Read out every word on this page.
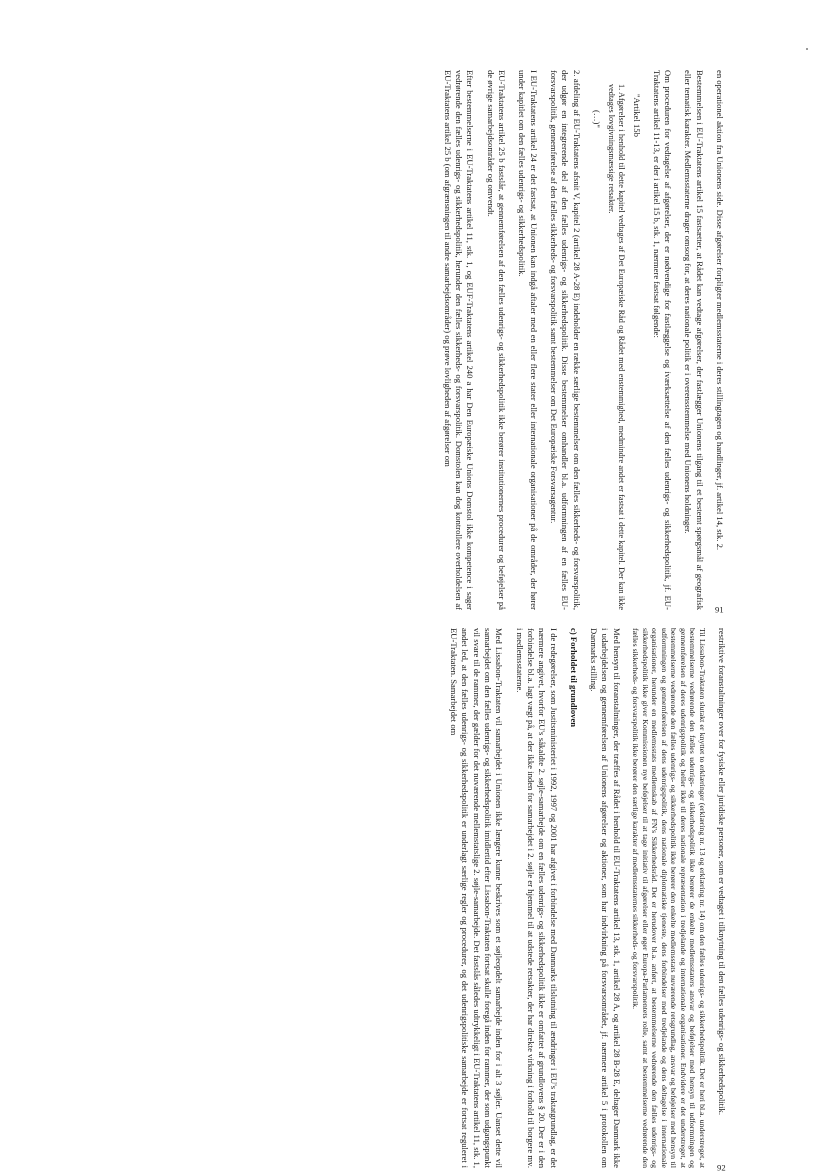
en operationel aktion fra Unionens side. Disse afgørelser forpligter medlemsstaterne i deres stillingtagen og handlinger, jf. artikel 14, stk. 2.

Bestemmelsen i EU-Traktatens artikel 15 fastsætter, at Rådet kan vedtage afgørelser, der fastlægger Unionens tilgang til et bestemt spørgsmål af geografisk eller tematisk karakter. Medlemsstaterne drager omsorg for, at deres nationale politik er i overensstemmelse med Unionens holdninger.

Om proceduren for vedtagelse af afgørelser, der er nødvendige for fastlæggelse og iværksættelse af den fælles udenrigs- og sikkerhedspolitik, jf. EU-Traktatens artikel 11-13, er der i artikel 15 b, stk. 1, nærmere fastsat følgende:

"Artikel 15b

1. Afgørelser i henhold til dette kapitel vedtages af Det Europæiske Råd og Rådet med enstemmighed, medmindre andet er fastsat i dette kapitel. Der kan ikke vedtages lovgivningsmæssige retsakter.

(…)"

2. afdeling af EU-Traktatens afsnit V, kapitel 2 (artikel 28 A-28 E) indeholder en række særlige bestemmelser om den fælles sikkerheds- og forsvarspolitik, der udgør en integrerende del af den fælles udenrigs- og sikkerhedspolitik. Disse bestemmelser omhandler bl.a. udformningen af en fælles EU-forsvarspolitik, gennemførelse af den fælles sikkerheds- og forsvarspolitik samt bestemmelser om Det Europæiske Forsvarsagentur.

I EU-Traktatens artikel 24 er det fastsat, at Unionen kan indgå aftaler med en eller flere stater eller internationale organisationer på de områder, der hører under kapitlet om den fælles udenrigs- og sikkerhedspolitik.

EU-Traktatens artikel 25 b fastslår, at gennemførelsen af den fælles udenrigs- og sikkerhedspolitik ikke berører institutionernes procedurer og beføjelser på de øvrige samarbejdsområder og omvendt.

Efter bestemmelserne i EU-Traktatens artikel 11, stk. 1, og EUF-Traktatens artikel 240 a har Den Europæiske Unions Domstol ikke kompetence i sager vedrørende den fælles udenrigs- og sikkerhedspolitik, herunder den fælles sikkerheds- og forsvarspolitik. Domstolen kan dog kontrollere overholdelsen af EU-Traktatens artikel 25 b (om afgrænsningen til andre samarbejdsområder) og prøve lovligheden af afgørelser om

91

restriktive foranstaltninger over for fysiske eller juridiske personer, som er vedtaget i tilknytning til den fælles udenrigs- og sikkerhedspolitik.

Til Lissabon-Traktaten slutakt er knyttet to erklæringer (erklæring nr. 13 og erklæring nr. 14) om den fælles udenrigs- og sikkerhedspolitik. Det er heri bl.a. understreget, at bestemmelserne vedrørende den fælles udenrigs- og sikkerhedspolitik ikke berører de enkelte medlemsstaters ansvar og beføjelser med hensyn til udformningen og gennemførelsen af deres udenrigspolitik og heller ikke til deres nationale repræsentation i tredjelande og internationale organisationer. Endvidere er det understreget, at bestemmelserne vedrørende den fælles udenrigs- og sikkerhedspolitik ikke berører den enkelte medlemsstats nuværende retsgrundlag, ansvar og beføjelser med hensyn til udformningen og gennemførelsen af dens udenrigspolitik, dens nationale diplomatiske tjeneste, dens forbindelser med tredjelande og dens deltagelse i internationale organisationer, herunder en medlemsstats medlemskab af FN's Sikkerhedsråd. Det er herudover bl.a. anført, at bestemmelserne vedrørende den fælles udenrigs- og sikkerhedspolitik ikke giver Kommissionen nye beføjelser til at tage initiativ til afgørelser eller øger Europa-Parlamentets rolle, samt at bestemmelserne vedrørende den fælles sikkerheds- og forsvarspolitik ikke berører den særlige karakter af medlemsstaternes sikkerheds- og forsvarspolitik.

Med hensyn til foranstaltninger, der træffes af Rådet i henhold til EU-Traktatens artikel 13, stk. 1, artikel 28 A, og artikel 28 B-28 E, deltager Danmark ikke i udarbejdelsen og gennemførelsen af Unionens afgørelser og aktioner, som har indvirkning på forsvarsområdet, jf. nærmere artikel 5 i protokollen om Danmarks stilling.

c) Forholdet til grundloven

I de redegørelser, som Justitsministeriet i 1992, 1997 og 2001 har afgivet i forbindelse med Danmarks tilslutning til ændringer i EU's traktatgrundlag, er det nærmere angivet, hvorfor EU's såkaldte 2. søjle-samarbejde om en fælles udenrigs- og sikkerhedspolitik ikke er omfattet af grundlovens § 20. Der er i den forbindelse bl.a. lagt vægt på, at der ikke inden for samarbejdet i 2. søjle er hjemmel til at udstede retsakter, der har direkte virkning i forhold til borgere mv. i medlemsstaterne.

Med Lissabon-Traktaten vil samarbejdet i Unionen ikke længere kunne beskrives som et søjleopdelt samarbejde inden for i alt 3 søjler. Uanset dette vil samarbejdet om den fælles udenrigs- og sikkerhedspolitik imidlertid efter Lissabon-Traktaten fortsat skulle foregå inden for rammer, der som udgangspunkt vil svare til de rammer, der gælder for det nuværende mellemstatslige 2. søjle-samarbejde. Det fastslås således udtrykkeligt i EU-Traktatens artikel 11, stk. 1, andet led, at den fælles udenrigs- og sikkerhedspolitik er underlagt særlige regler og procedurer, og det udenrigspolitiske samarbejde er fortsat reguleret i EU-Traktaten. Samarbejdet om

92
